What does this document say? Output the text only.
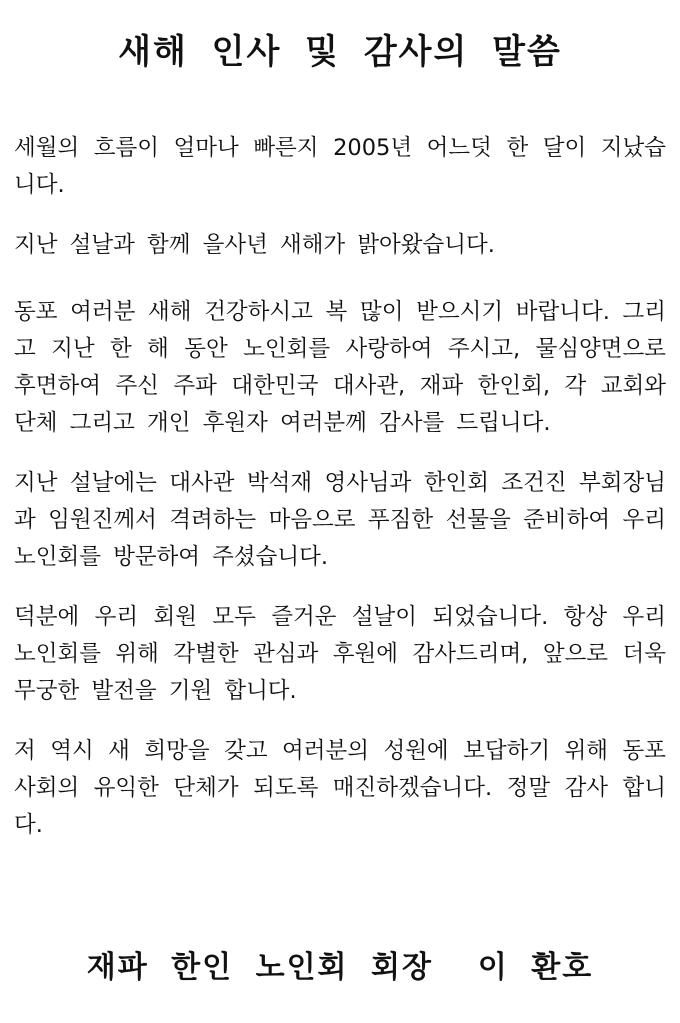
새해 인사 및 감사의 말씀

세월의 흐름이 얼마나 빠른지 2005년 어느덧 한 달이 지났습니다.

지난 설날과 함께 을사년 새해가 밝아왔습니다.

동포 여러분 새해 건강하시고 복 많이 받으시기 바랍니다. 그리고 지난 한 해 동안 노인회를 사랑하여 주시고, 물심양면으로 후면하여 주신 주파 대한민국 대사관, 재파 한인회, 각 교회와 단체 그리고 개인 후원자 여러분께 감사를 드립니다.

지난 설날에는 대사관 박석재 영사님과 한인회 조건진 부회장님과 임원진께서 격려하는 마음으로 푸짐한 선물을 준비하여 우리 노인회를 방문하여 주셨습니다.

덕분에 우리 회원 모두 즐거운 설날이 되었습니다. 항상 우리 노인회를 위해 각별한 관심과 후원에 감사드리며, 앞으로 더욱 무궁한 발전을 기원 합니다.

저 역시 새 희망을 갖고 여러분의 성원에 보답하기 위해 동포사회의 유익한 단체가 되도록 매진하겠습니다. 정말 감사 합니다.

재파 한인 노인회 회장  이 환호
